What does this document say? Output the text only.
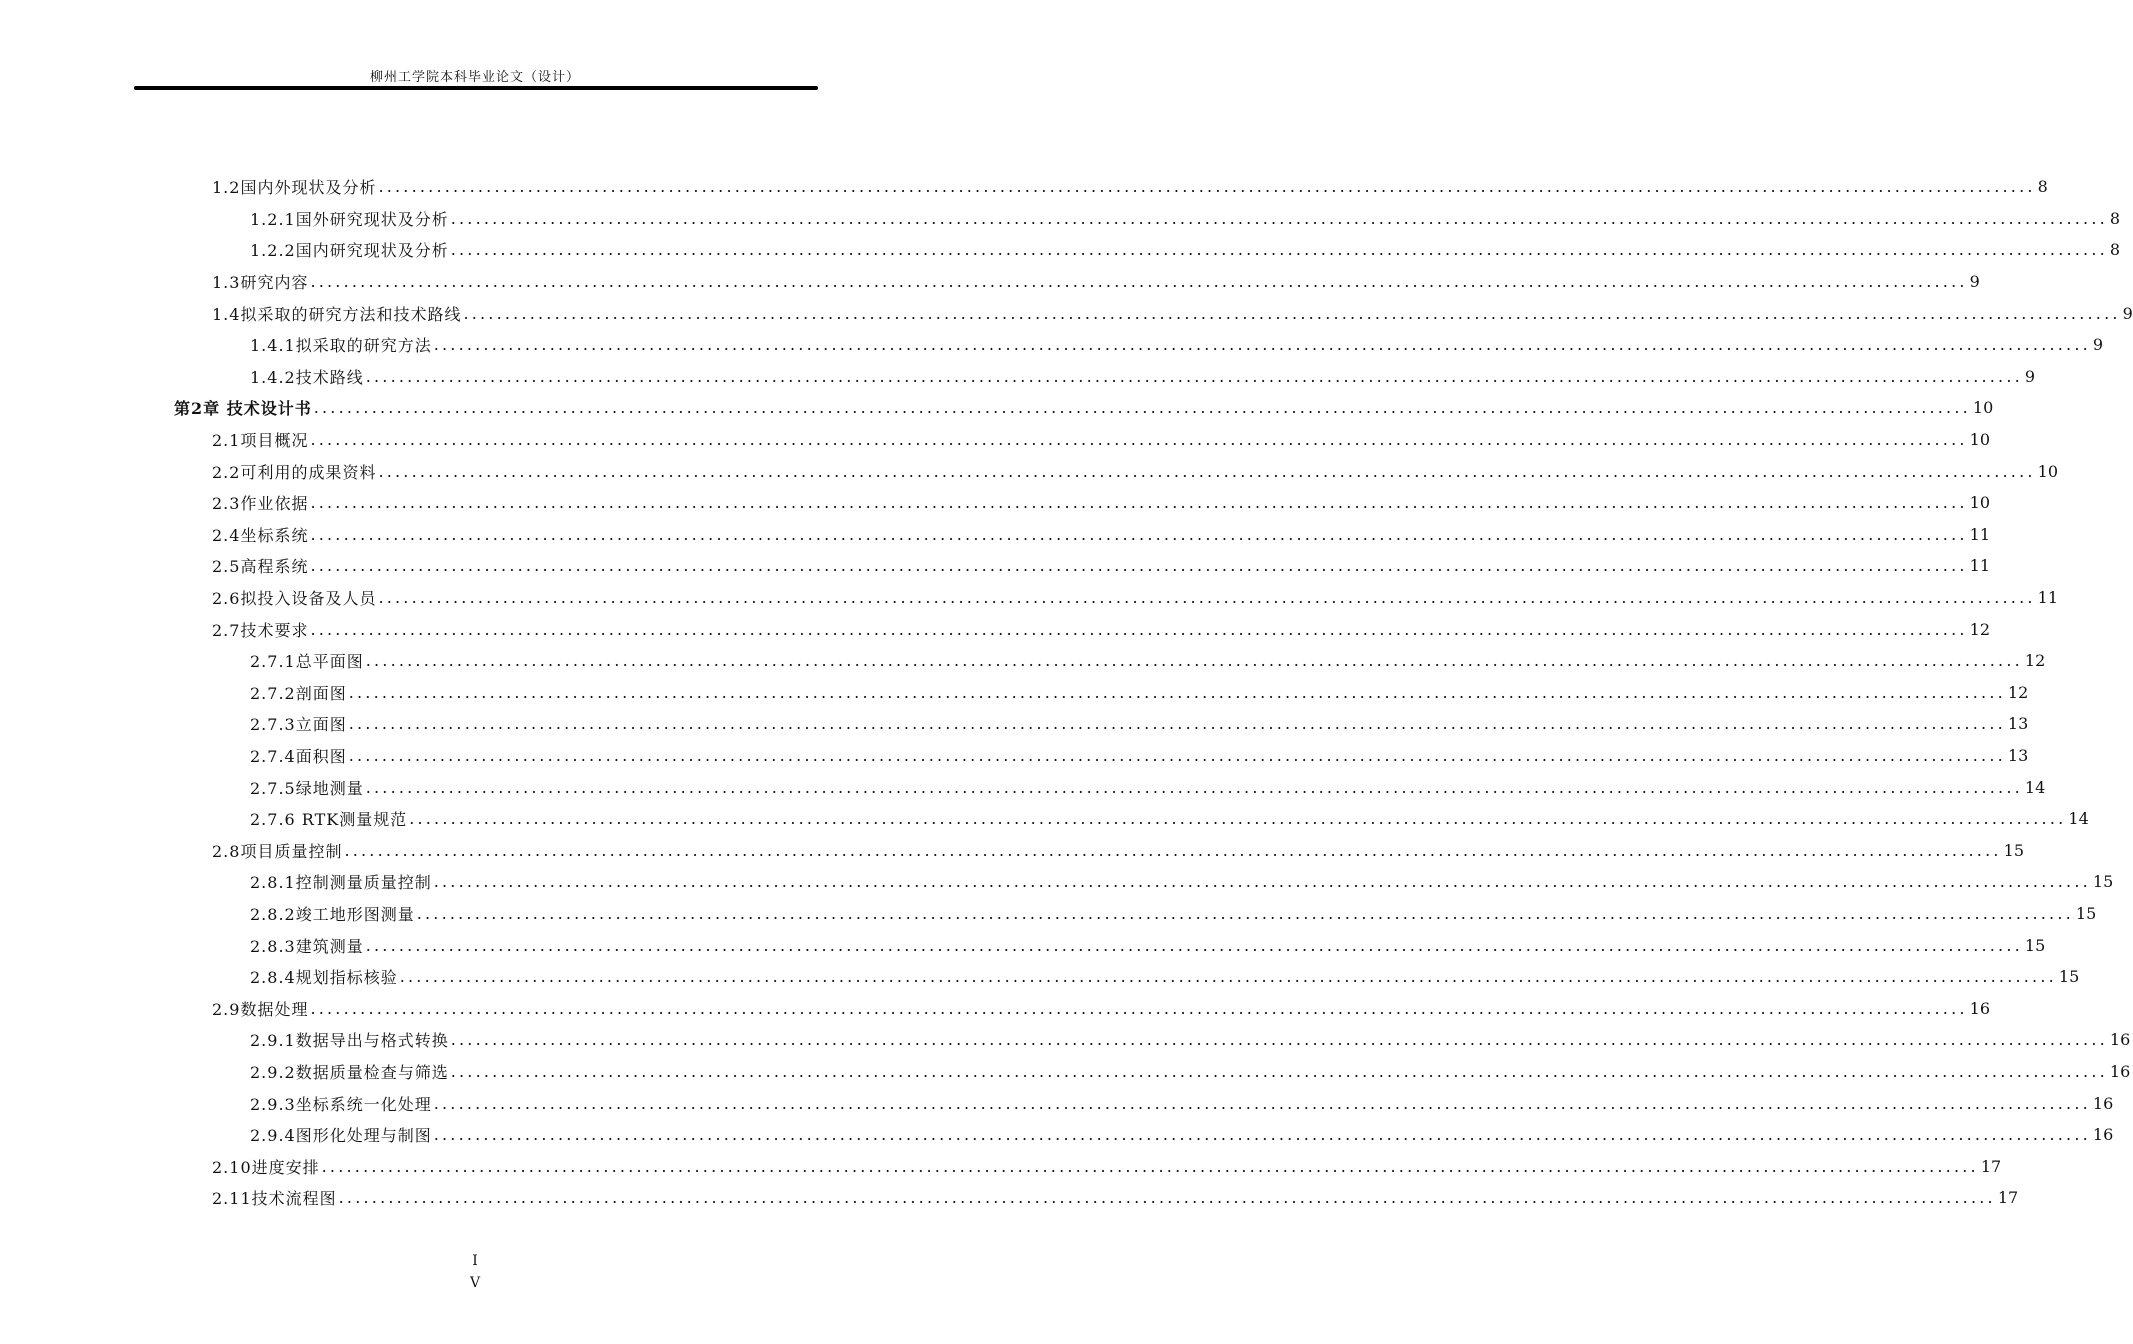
柳州工学院本科毕业论文（设计）
1.2国内外现状及分析 ........................................................................................................................................................................................................ 8
1.2.1国外研究现状及分析 ........................................................................................................................................................................................................ 8
1.2.2国内研究现状及分析 ........................................................................................................................................................................................................ 8
1.3研究内容 ........................................................................................................................................................................................................ 9
1.4拟采取的研究方法和技术路线 ........................................................................................................................................................................................................ 9
1.4.1拟采取的研究方法 ........................................................................................................................................................................................................ 9
1.4.2技术路线 ........................................................................................................................................................................................................ 9
第2章 技术设计书 ........................................................................................................................................................................................................ 10
2.1项目概况 ........................................................................................................................................................................................................ 10
2.2可利用的成果资料 ........................................................................................................................................................................................................ 10
2.3作业依据 ........................................................................................................................................................................................................ 10
2.4坐标系统 ........................................................................................................................................................................................................ 11
2.5高程系统 ........................................................................................................................................................................................................ 11
2.6拟投入设备及人员 ........................................................................................................................................................................................................ 11
2.7技术要求 ........................................................................................................................................................................................................ 12
2.7.1总平面图 ........................................................................................................................................................................................................ 12
2.7.2剖面图 ........................................................................................................................................................................................................ 12
2.7.3立面图 ........................................................................................................................................................................................................ 13
2.7.4面积图 ........................................................................................................................................................................................................ 13
2.7.5绿地测量 ........................................................................................................................................................................................................ 14
2.7.6 RTK测量规范 ........................................................................................................................................................................................................ 14
2.8项目质量控制 ........................................................................................................................................................................................................ 15
2.8.1控制测量质量控制 ........................................................................................................................................................................................................ 15
2.8.2竣工地形图测量 ........................................................................................................................................................................................................ 15
2.8.3建筑测量 ........................................................................................................................................................................................................ 15
2.8.4规划指标核验 ........................................................................................................................................................................................................ 15
2.9数据处理 ........................................................................................................................................................................................................ 16
2.9.1数据导出与格式转换 ........................................................................................................................................................................................................ 16
2.9.2数据质量检查与筛选 ........................................................................................................................................................................................................ 16
2.9.3坐标系统一化处理 ........................................................................................................................................................................................................ 16
2.9.4图形化处理与制图 ........................................................................................................................................................................................................ 16
2.10进度安排 ........................................................................................................................................................................................................ 17
2.11技术流程图 ........................................................................................................................................................................................................ 17
I
V
